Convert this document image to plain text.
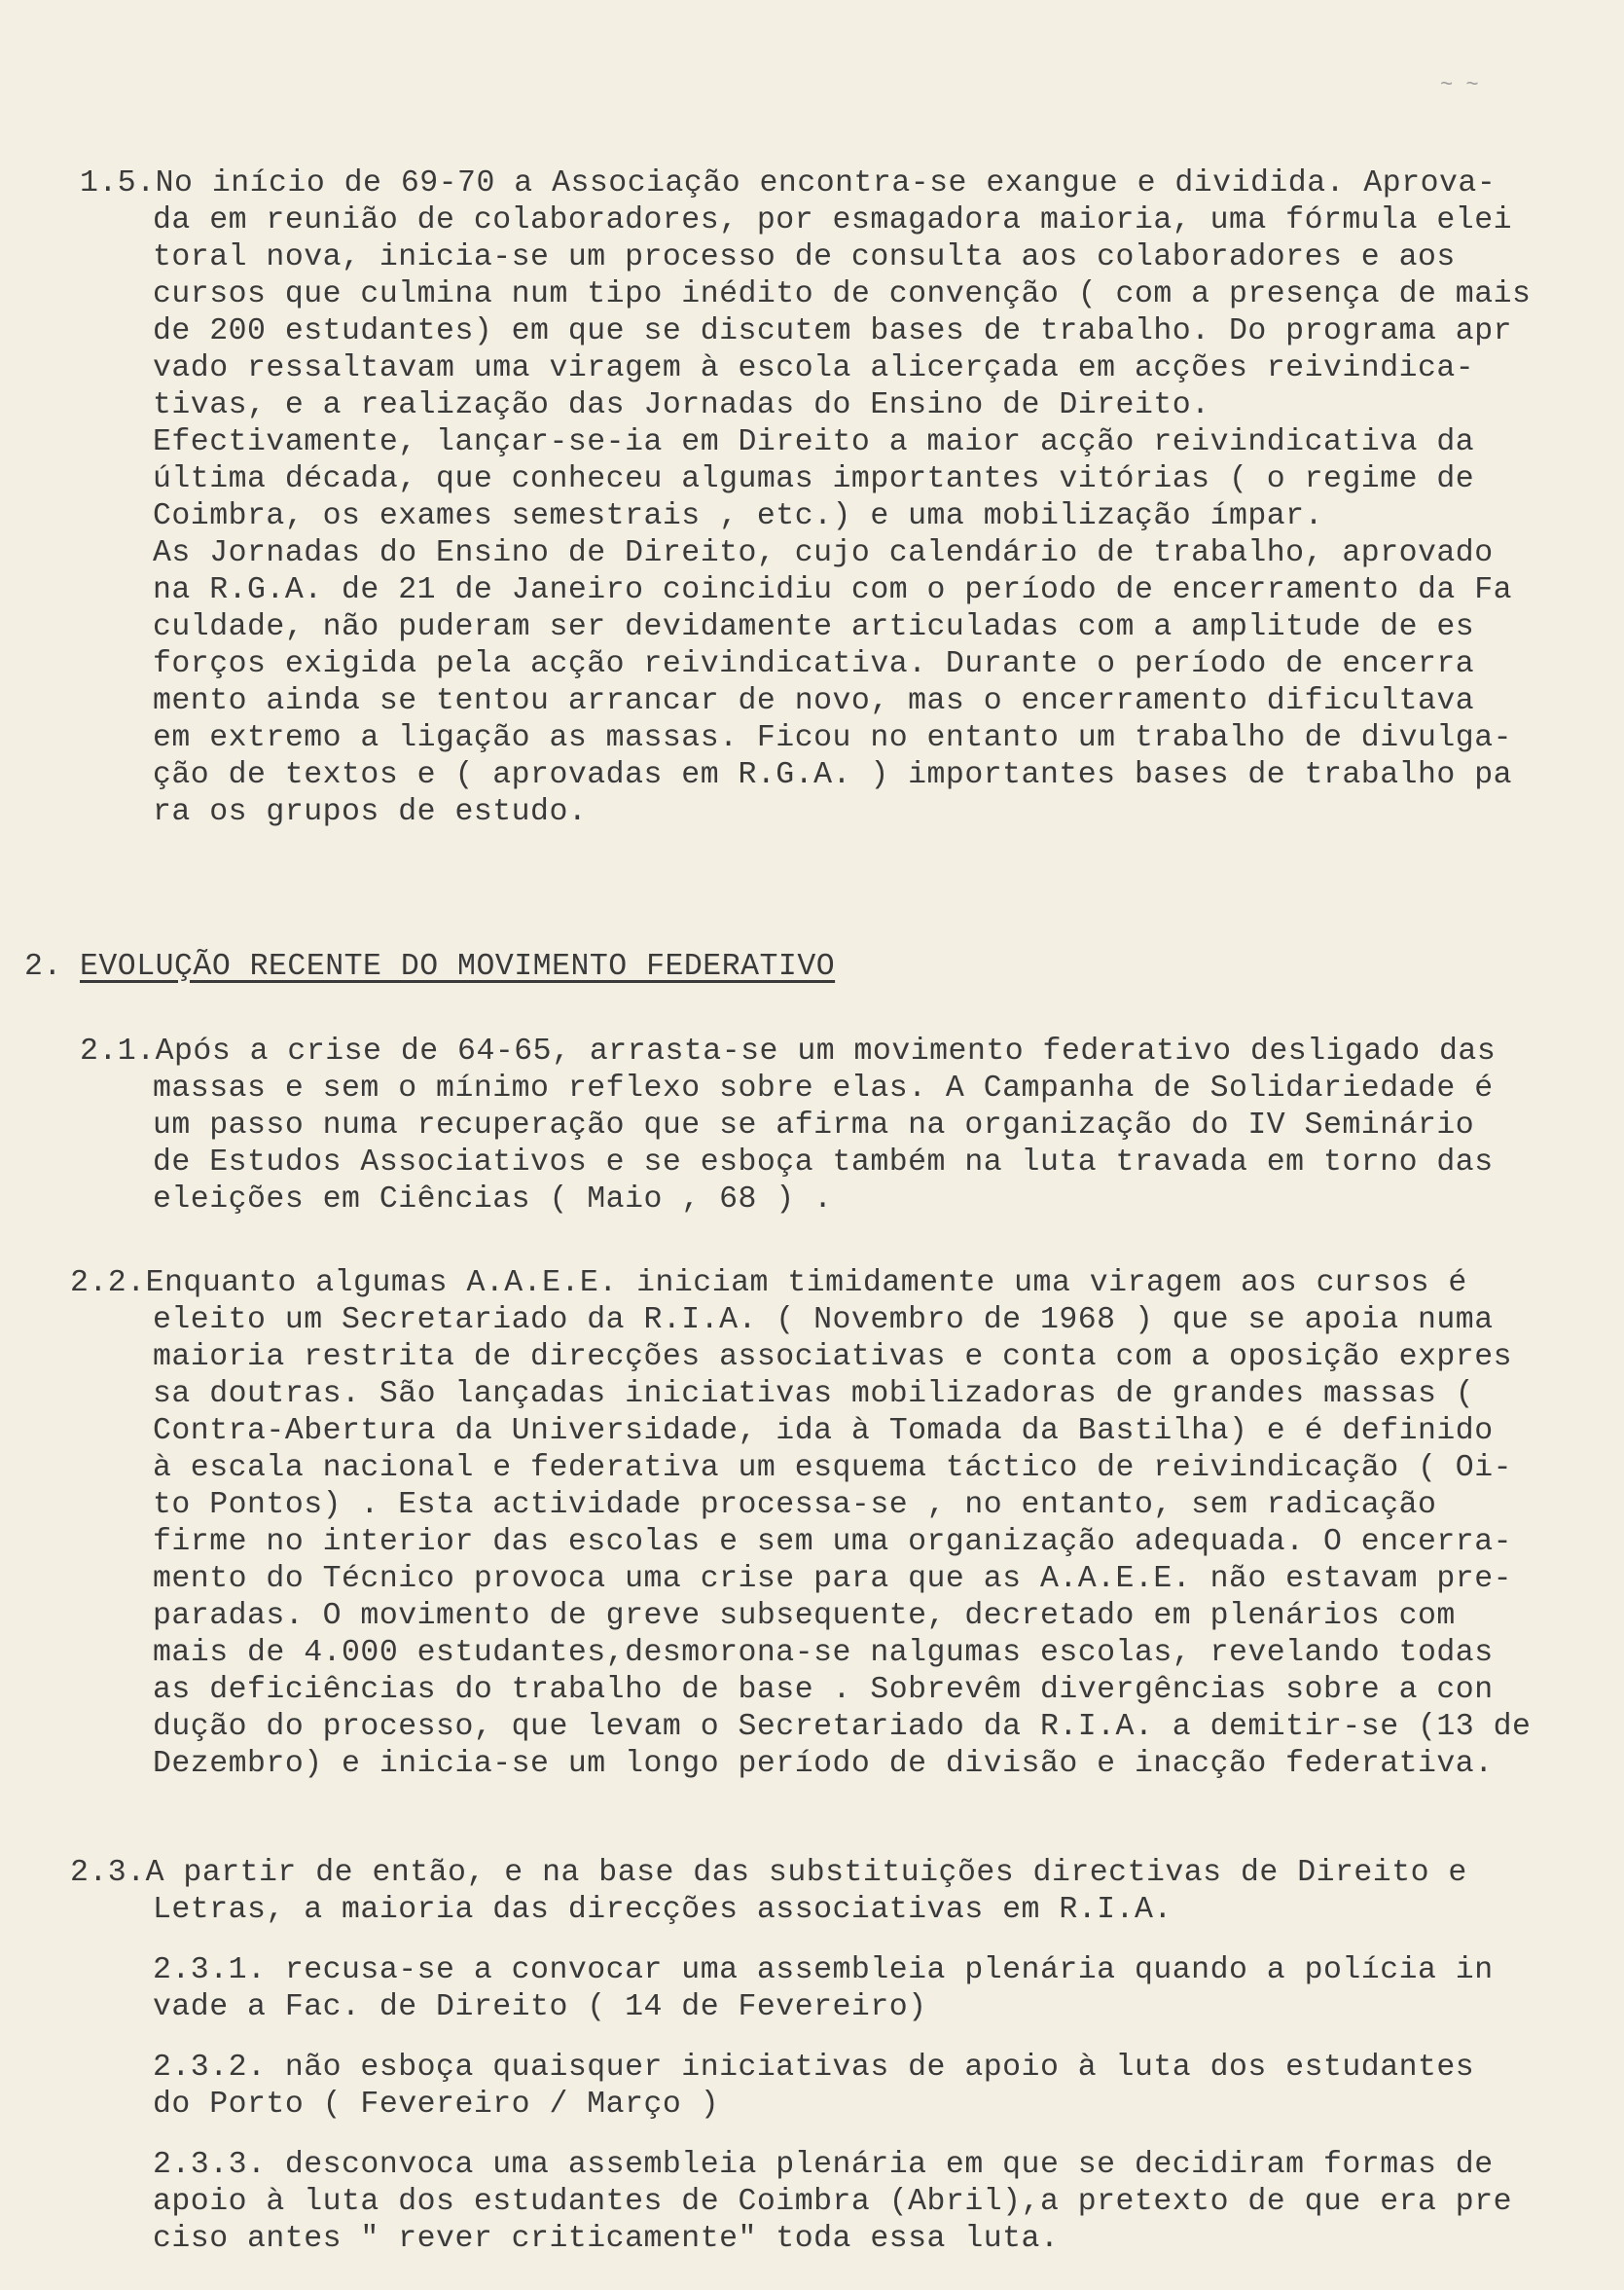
~ ~
1.5.No início de 69-70 a Associação encontra-se exangue e dividida. Aprova-
da em reunião de colaboradores, por esmagadora maioria, uma fórmula elei
toral nova, inicia-se um processo de consulta aos colaboradores e aos
cursos que culmina num tipo inédito de convenção ( com a presença de mais
de 200 estudantes) em que se discutem bases de trabalho. Do programa apr
vado ressaltavam uma viragem à escola alicerçada em acções reivindica-
tivas, e a realização das Jornadas do Ensino de Direito.
Efectivamente, lançar-se-ia em Direito a maior acção reivindicativa da
última década, que conheceu algumas importantes vitórias ( o regime de
Coimbra, os exames semestrais , etc.) e uma mobilização ímpar.
As Jornadas do Ensino de Direito, cujo calendário de trabalho, aprovado
na R.G.A. de 21 de Janeiro coincidiu com o período de encerramento da Fa
culdade, não puderam ser devidamente articuladas com a amplitude de es
forços exigida pela acção reivindicativa. Durante o período de encerra
mento ainda se tentou arrancar de novo, mas o encerramento dificultava
em extremo a ligação as massas. Ficou no entanto um trabalho de divulga-
ção de textos e ( aprovadas em R.G.A. ) importantes bases de trabalho pa
ra os grupos de estudo.
2. EVOLUÇÃO RECENTE DO MOVIMENTO FEDERATIVO
2.1.Após a crise de 64-65, arrasta-se um movimento federativo desligado das
massas e sem o mínimo reflexo sobre elas. A Campanha de Solidariedade é
um passo numa recuperação que se afirma na organização do IV Seminário
de Estudos Associativos e se esboça também na luta travada em torno das
eleições em Ciências ( Maio , 68 ) .
2.2.Enquanto algumas A.A.E.E. iniciam timidamente uma viragem aos cursos é
eleito um Secretariado da R.I.A. ( Novembro de 1968 ) que se apoia numa
maioria restrita de direcções associativas e conta com a oposição expres
sa doutras. São lançadas iniciativas mobilizadoras de grandes massas (
Contra-Abertura da Universidade, ida à Tomada da Bastilha) e é definido
à escala nacional e federativa um esquema táctico de reivindicação ( Oi-
to Pontos) . Esta actividade processa-se , no entanto, sem radicação
firme no interior das escolas e sem uma organização adequada. O encerra-
mento do Técnico provoca uma crise para que as A.A.E.E. não estavam pre-
paradas. O movimento de greve subsequente, decretado em plenários com
mais de 4.000 estudantes,desmorona-se nalgumas escolas, revelando todas
as deficiências do trabalho de base . Sobrevêm divergências sobre a con
dução do processo, que levam o Secretariado da R.I.A. a demitir-se (13 de
Dezembro) e inicia-se um longo período de divisão e inacção federativa.
2.3.A partir de então, e na base das substituições directivas de Direito e
Letras, a maioria das direcções associativas em R.I.A.
2.3.1. recusa-se a convocar uma assembleia plenária quando a polícia in
vade a Fac. de Direito ( 14 de Fevereiro)
2.3.2. não esboça quaisquer iniciativas de apoio à luta dos estudantes
do Porto ( Fevereiro / Março )
2.3.3. desconvoca uma assembleia plenária em que se decidiram formas de
apoio à luta dos estudantes de Coimbra (Abril),a pretexto de que era pre
ciso antes " rever criticamente" toda essa luta.
